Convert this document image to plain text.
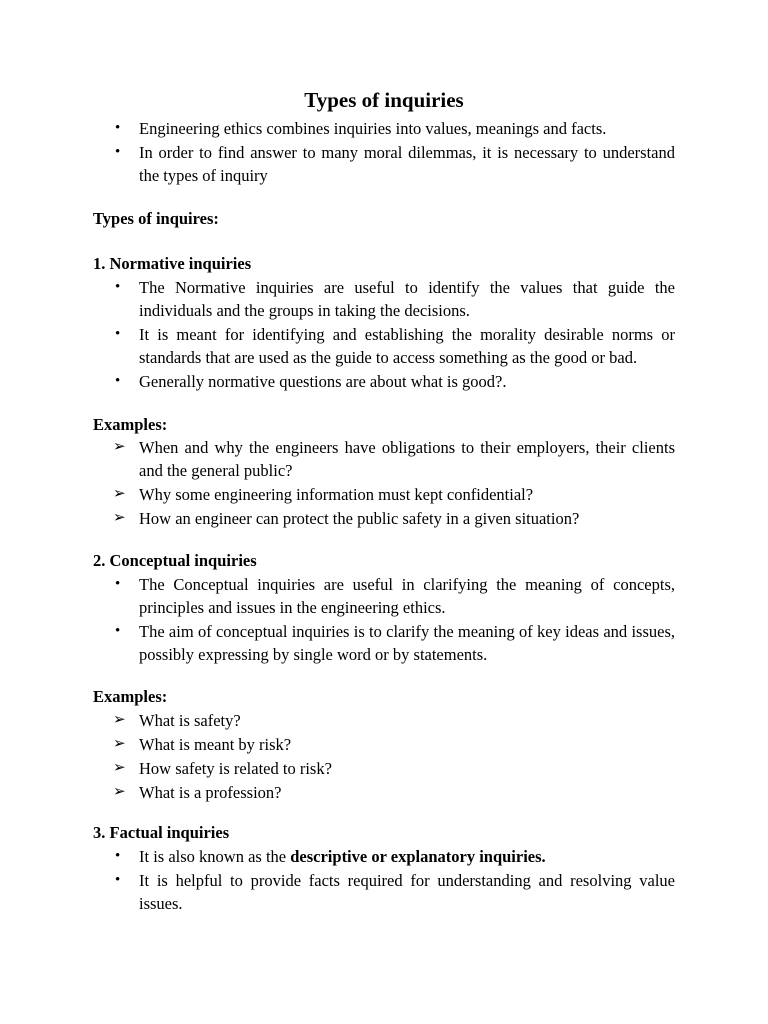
Types of inquiries
•	Engineering ethics combines inquiries into values, meanings and facts.
•	In order to find answer to many moral dilemmas, it is necessary to understand the types of inquiry

Types of inquires:

1. Normative inquiries

•	The Normative inquiries are useful to identify the values that guide the individuals and the groups in taking the decisions.
•	It is meant for identifying and establishing the morality desirable norms or standards that are used as the guide to access something as the good or bad.
•	Generally normative questions are about what is good?.

Examples:

➢ When and why the engineers have obligations to their employers, their clients and the general public?
➢ Why some engineering information must kept confidential?
➢ How an engineer can protect the public safety in a given situation?

2. Conceptual inquiries

•	The Conceptual inquiries are useful in clarifying the meaning of concepts, principles and issues in the engineering ethics.
•	The aim of conceptual inquiries is to clarify the meaning of key ideas and issues, possibly expressing by single word or by statements.

Examples:

➢ What is safety?
➢ What is meant by risk?
➢ How safety is related to risk?
➢ What is a profession?

3. Factual inquiries

•	It is also known as the descriptive or explanatory inquiries.
•	It is helpful to provide facts required for understanding and resolving value issues.
